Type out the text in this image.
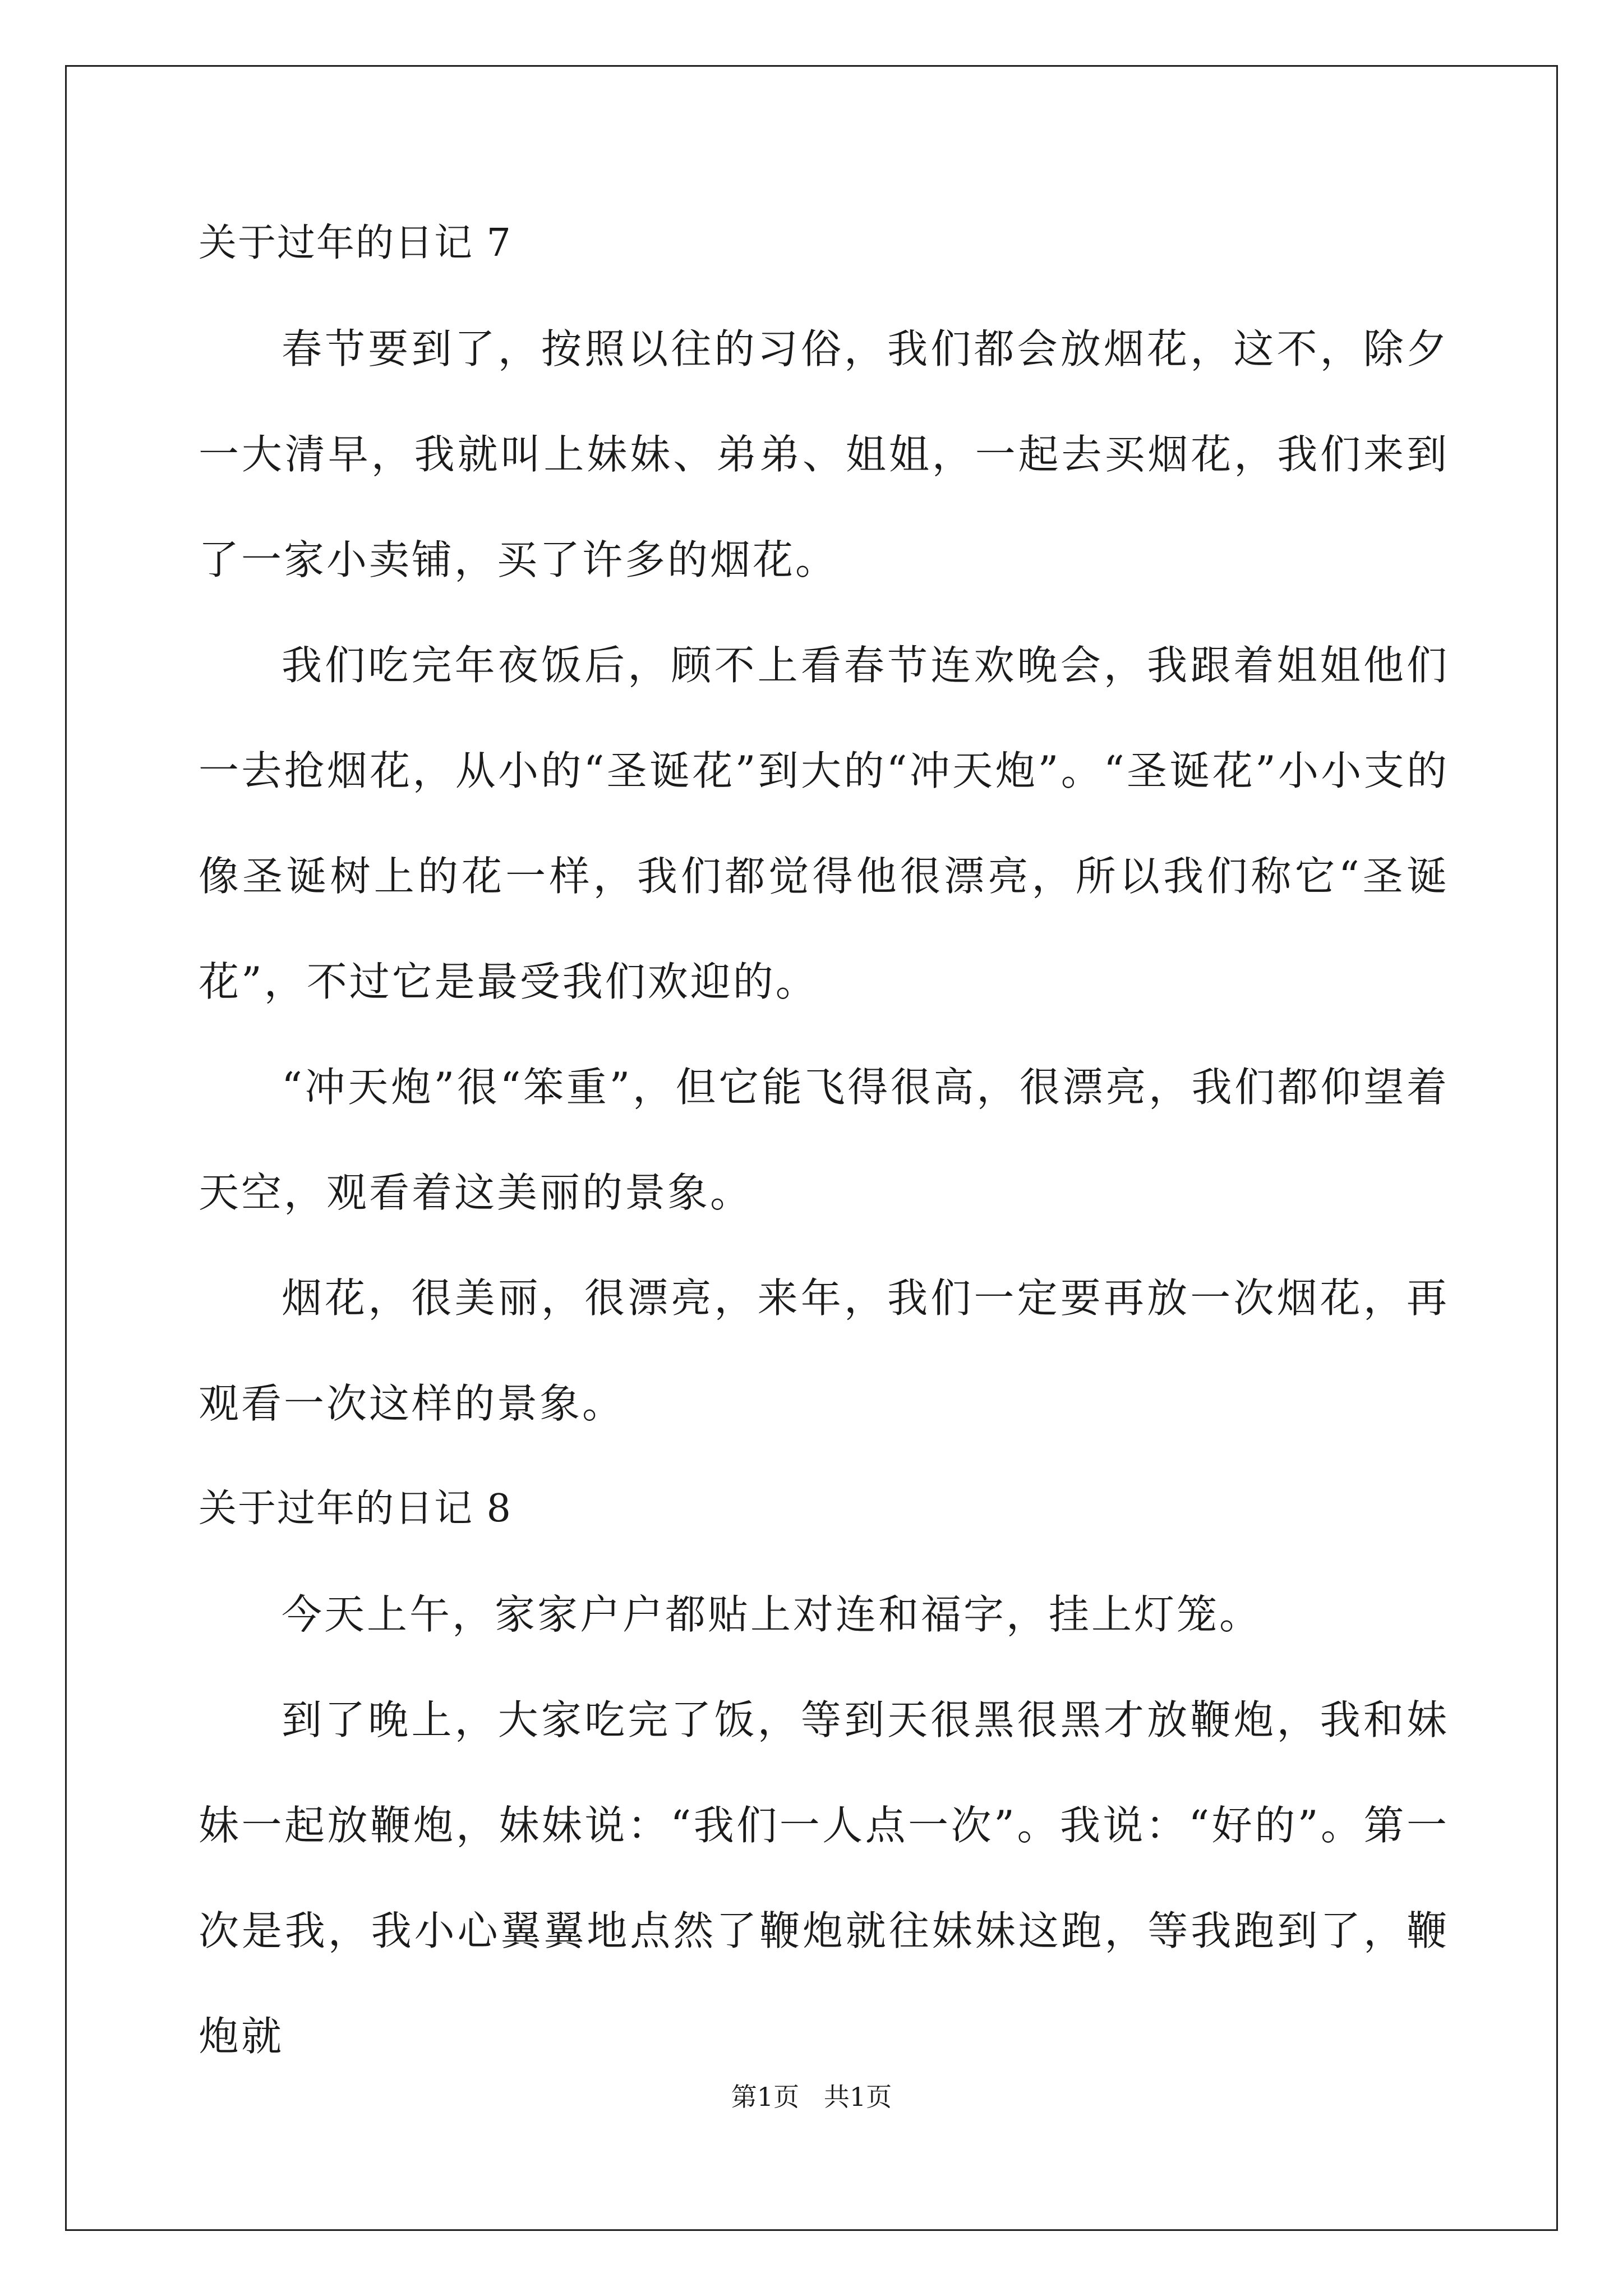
关于过年的日记 7

春节要到了，按照以往的习俗，我们都会放烟花，这不，除夕一大清早，我就叫上妹妹、弟弟、姐姐，一起去买烟花，我们来到了一家小卖铺，买了许多的烟花。

我们吃完年夜饭后，顾不上看春节连欢晚会，我跟着姐姐他们一去抢烟花，从小的“圣诞花”到大的“冲天炮”。“圣诞花”小小支的像圣诞树上的花一样，我们都觉得他很漂亮，所以我们称它“圣诞花”，不过它是最受我们欢迎的。

“冲天炮”很“笨重”，但它能飞得很高，很漂亮，我们都仰望着天空，观看着这美丽的景象。

烟花，很美丽，很漂亮，来年，我们一定要再放一次烟花，再观看一次这样的景象。

关于过年的日记 8

今天上午，家家户户都贴上对连和福字，挂上灯笼。

到了晚上，大家吃完了饭，等到天很黑很黑才放鞭炮，我和妹妹一起放鞭炮，妹妹说：“我们一人点一次”。我说：“好的”。第一次是我，我小心翼翼地点然了鞭炮就往妹妹这跑，等我跑到了，鞭炮就

第1页   共1页
